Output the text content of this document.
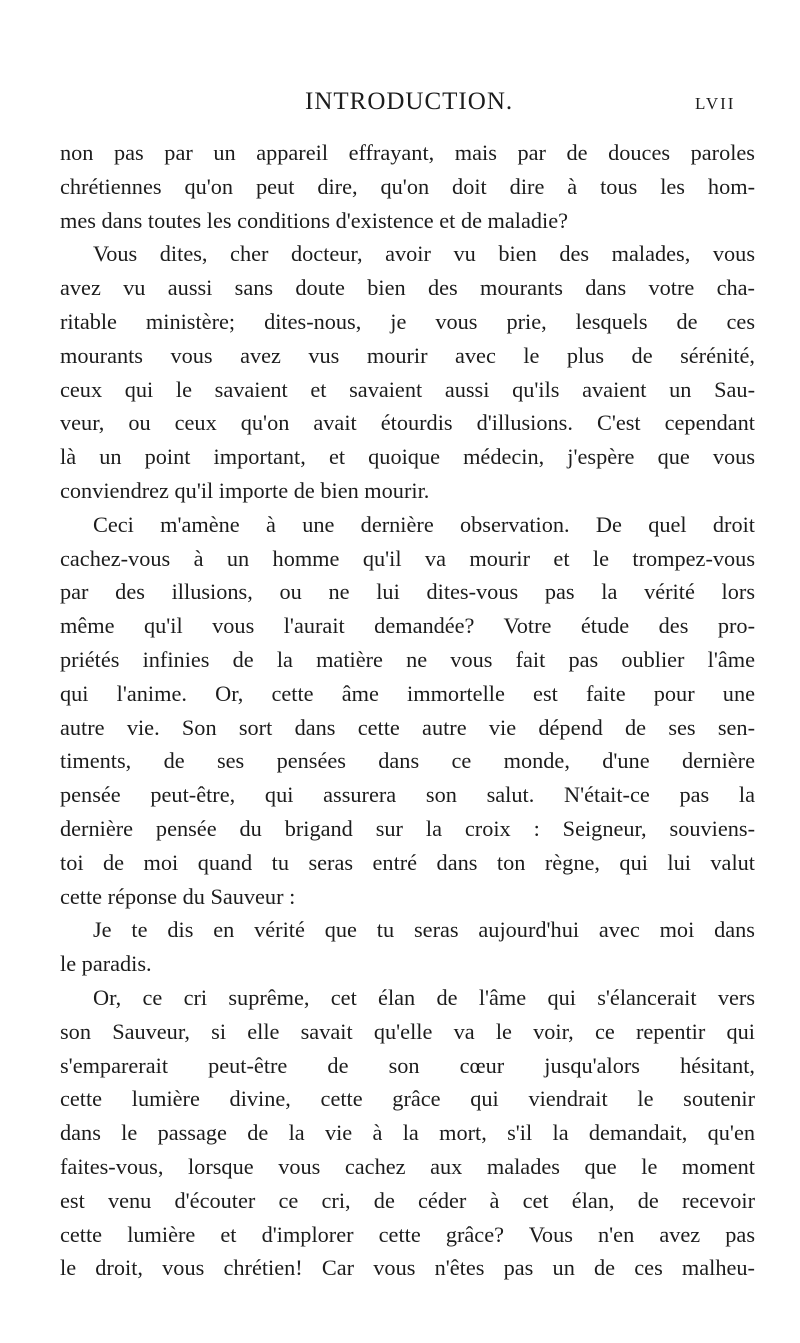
INTRODUCTION.	LVII
non pas par un appareil effrayant, mais par de douces paroles
chrétiennes qu'on peut dire, qu'on doit dire à tous les hom-
mes dans toutes les conditions d'existence et de maladie?
Vous dites, cher docteur, avoir vu bien des malades, vous
avez vu aussi sans doute bien des mourants dans votre cha-
ritable ministère; dites-nous, je vous prie, lesquels de ces
mourants vous avez vus mourir avec le plus de sérénité,
ceux qui le savaient et savaient aussi qu'ils avaient un Sau-
veur, ou ceux qu'on avait étourdis d'illusions. C'est cependant
là un point important, et quoique médecin, j'espère que vous
conviendrez qu'il importe de bien mourir.
Ceci m'amène à une dernière observation. De quel droit
cachez-vous à un homme qu'il va mourir et le trompez-vous
par des illusions, ou ne lui dites-vous pas la vérité lors
même qu'il vous l'aurait demandée? Votre étude des pro-
priétés infinies de la matière ne vous fait pas oublier l'âme
qui l'anime. Or, cette âme immortelle est faite pour une
autre vie. Son sort dans cette autre vie dépend de ses sen-
timents, de ses pensées dans ce monde, d'une dernière
pensée peut-être, qui assurera son salut. N'était-ce pas la
dernière pensée du brigand sur la croix : Seigneur, souviens-
toi de moi quand tu seras entré dans ton règne, qui lui valut
cette réponse du Sauveur :
Je te dis en vérité que tu seras aujourd'hui avec moi dans
le paradis.
Or, ce cri suprême, cet élan de l'âme qui s'élancerait vers
son Sauveur, si elle savait qu'elle va le voir, ce repentir qui
s'emparerait peut-être de son cœur jusqu'alors hésitant,
cette lumière divine, cette grâce qui viendrait le soutenir
dans le passage de la vie à la mort, s'il la demandait, qu'en
faites-vous, lorsque vous cachez aux malades que le moment
est venu d'écouter ce cri, de céder à cet élan, de recevoir
cette lumière et d'implorer cette grâce? Vous n'en avez pas
le droit, vous chrétien! Car vous n'êtes pas un de ces malheu-
